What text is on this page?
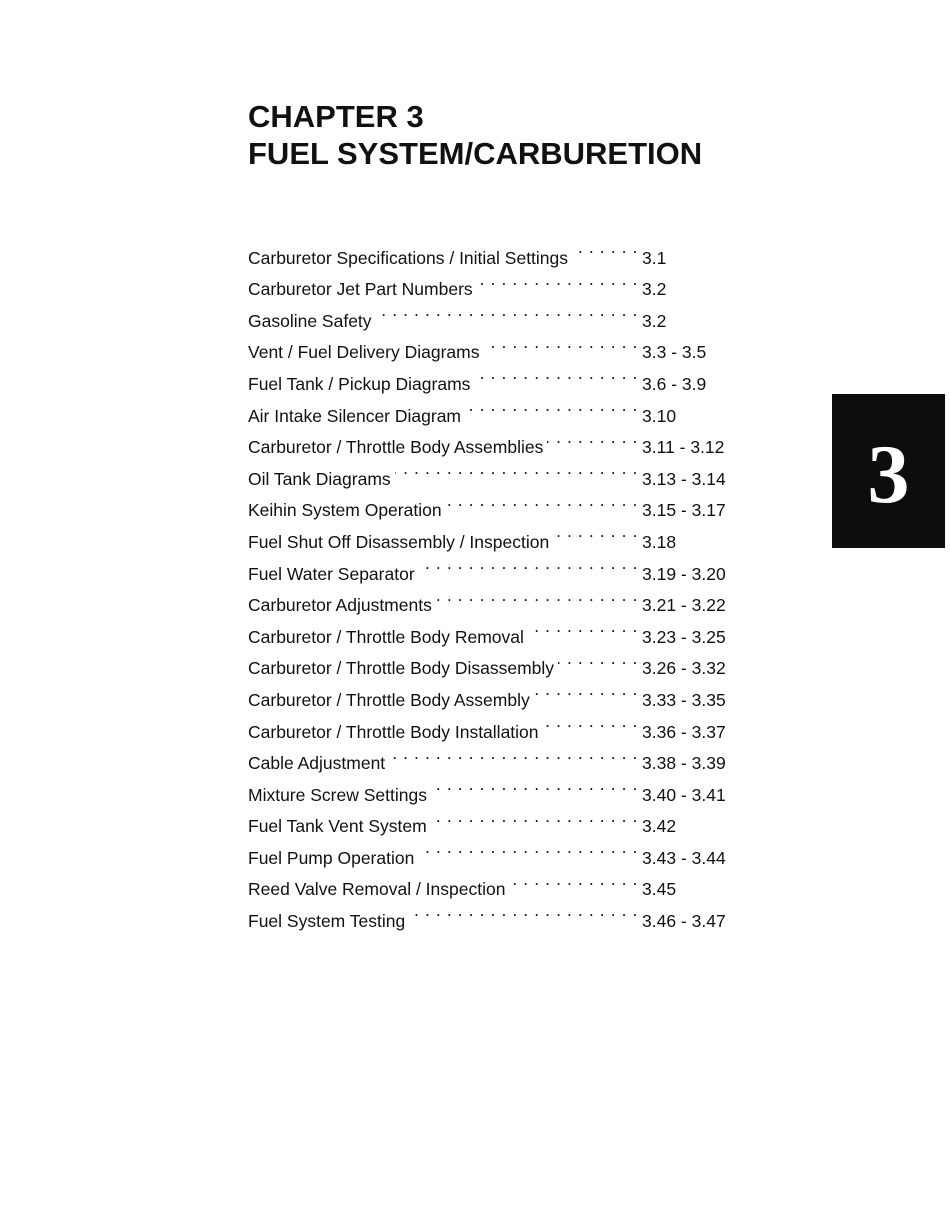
CHAPTER 3
FUEL SYSTEM/CARBURETION
Carburetor Specifications / Initial Settings . . .	3.1
Carburetor Jet Part Numbers . . .	3.2
Gasoline Safety . . .	3.2
Vent / Fuel Delivery Diagrams . . .	3.3 - 3.5
Fuel Tank / Pickup Diagrams . . .	3.6 - 3.9
Air Intake Silencer Diagram . . .	3.10
Carburetor / Throttle Body Assemblies . . .	3.11 - 3.12
Oil Tank Diagrams . . .	3.13 - 3.14
Keihin System Operation . . .	3.15 - 3.17
Fuel Shut Off Disassembly / Inspection . . .	3.18
Fuel Water Separator . . .	3.19 - 3.20
Carburetor Adjustments . . .	3.21 - 3.22
Carburetor / Throttle Body Removal . . .	3.23 - 3.25
Carburetor / Throttle Body Disassembly . . .	3.26 - 3.32
Carburetor / Throttle Body Assembly . . .	3.33 - 3.35
Carburetor / Throttle Body Installation . . .	3.36 - 3.37
Cable Adjustment . . .	3.38 - 3.39
Mixture Screw Settings . . .	3.40 - 3.41
Fuel Tank Vent System . . .	3.42
Fuel Pump Operation . . .	3.43 - 3.44
Reed Valve Removal / Inspection . . .	3.45
Fuel System Testing . . .	3.46 - 3.47
3
